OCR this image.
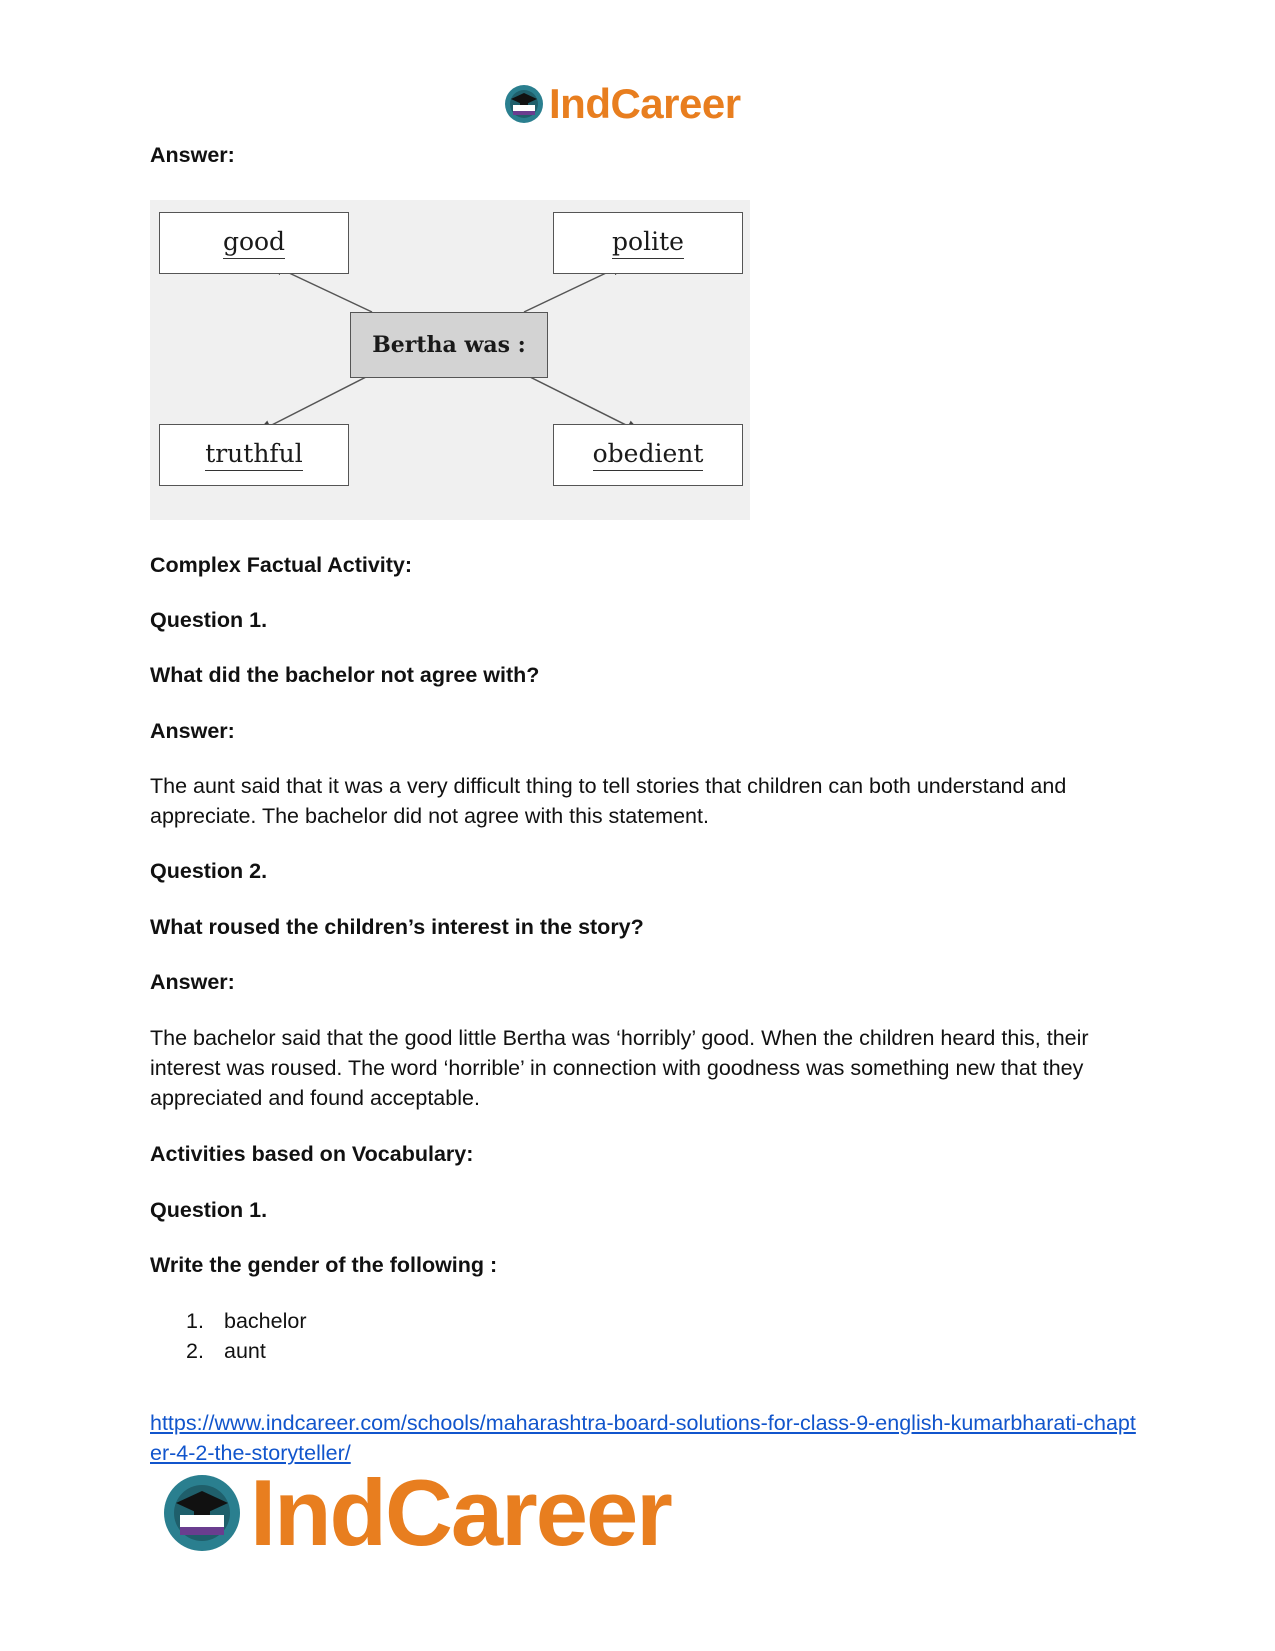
IndCareer
Answer:
good	polite
Bertha was :
truthful	obedient
Complex Factual Activity:
Question 1.
What did the bachelor not agree with?
Answer:
The aunt said that it was a very difficult thing to tell stories that children can both understand and appreciate. The bachelor did not agree with this statement.
Question 2.
What roused the children’s interest in the story?
Answer:
The bachelor said that the good little Bertha was ‘horribly’ good. When the children heard this, their interest was roused. The word ‘horrible’ in connection with goodness was something new that they appreciated and found acceptable.
Activities based on Vocabulary:
Question 1.
Write the gender of the following :
1. bachelor
2. aunt
https://www.indcareer.com/schools/maharashtra-board-solutions-for-class-9-english-kumarbharati-chapter-4-2-the-storyteller/
IndCareer
